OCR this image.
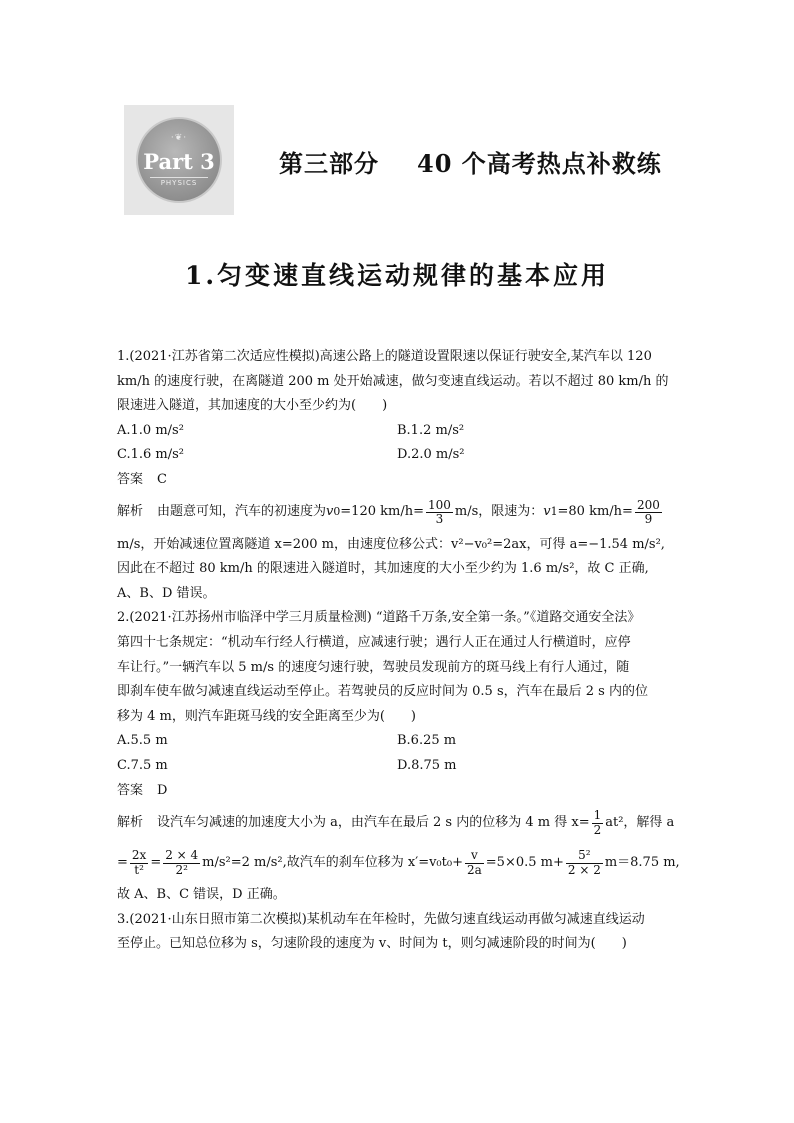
·❦·
Part 3
PHYSICS
第三部分 40 个高考热点补救练
1.匀变速直线运动规律的基本应用
1.(2021·江苏省第二次适应性模拟)高速公路上的隧道设置限速以保证行驶安全,某汽车以 120
km/h 的速度行驶，在离隧道 200 m 处开始减速，做匀变速直线运动。若以不超过 80 km/h 的
限速进入隧道，其加速度的大小至少约为(　　)
A.1.0 m/s²	B.1.2 m/s²
C.1.6 m/s²	D.2.0 m/s²
答案 C
解析 由题意可知，汽车的初速度为 v 0 =120 $km/h= \frac{100}{3} m/s$，限速为： v 1 =80 $km/h= \frac{200}{9}$
m/s，开始减速位置离隧道 x=200 m，由速度位移公式：v²−v₀²=2ax，可得 a=−1.54 m/s²,
因此在不超过 80 km/h 的限速进入隧道时，其加速度的大小至少约为 1.6 m/s²，故 C 正确,
A、B、D 错误。
2.(2021·江苏扬州市临泽中学三月质量检测) “道路千万条,安全第一条。”《道路交通安全法》
第四十七条规定：“机动车行经人行横道，应减速行驶；遇行人正在通过人行横道时，应停
车让行。”一辆汽车以 5 m/s 的速度匀速行驶，驾驶员发现前方的斑马线上有行人通过，随
即刹车使车做匀减速直线运动至停止。若驾驶员的反应时间为 0.5 s，汽车在最后 2 s 内的位
移为 4 m，则汽车距斑马线的安全距离至少为(　　)
A.5.5 m	B.6.25 m
C.7.5 m	D.8.75 m
答案 D
解析 设汽车匀减速的加速度大小为 a，由汽车在最后 2 s 内的位移为 4 m 得 $x= \frac{1}{2} at^2$，解得 a
= $\frac{2x}{\text{t²}} = \frac{2 \times 4}{\text{2²}} m/s^2=2$ m/s²,故汽车的刹车位移为 $x'=v_0t_0+ \frac{v}{2a} =5\times 0.5$ $m+ \frac{\text{5²}}{2 \times 2} m=8.75$ m,
故 A、B、C 错误，D 正确。
3.(2021·山东日照市第二次模拟)某机动车在年检时，先做匀速直线运动再做匀减速直线运动
至停止。已知总位移为 s，匀速阶段的速度为 v、时间为 t，则匀减速阶段的时间为(　　)
